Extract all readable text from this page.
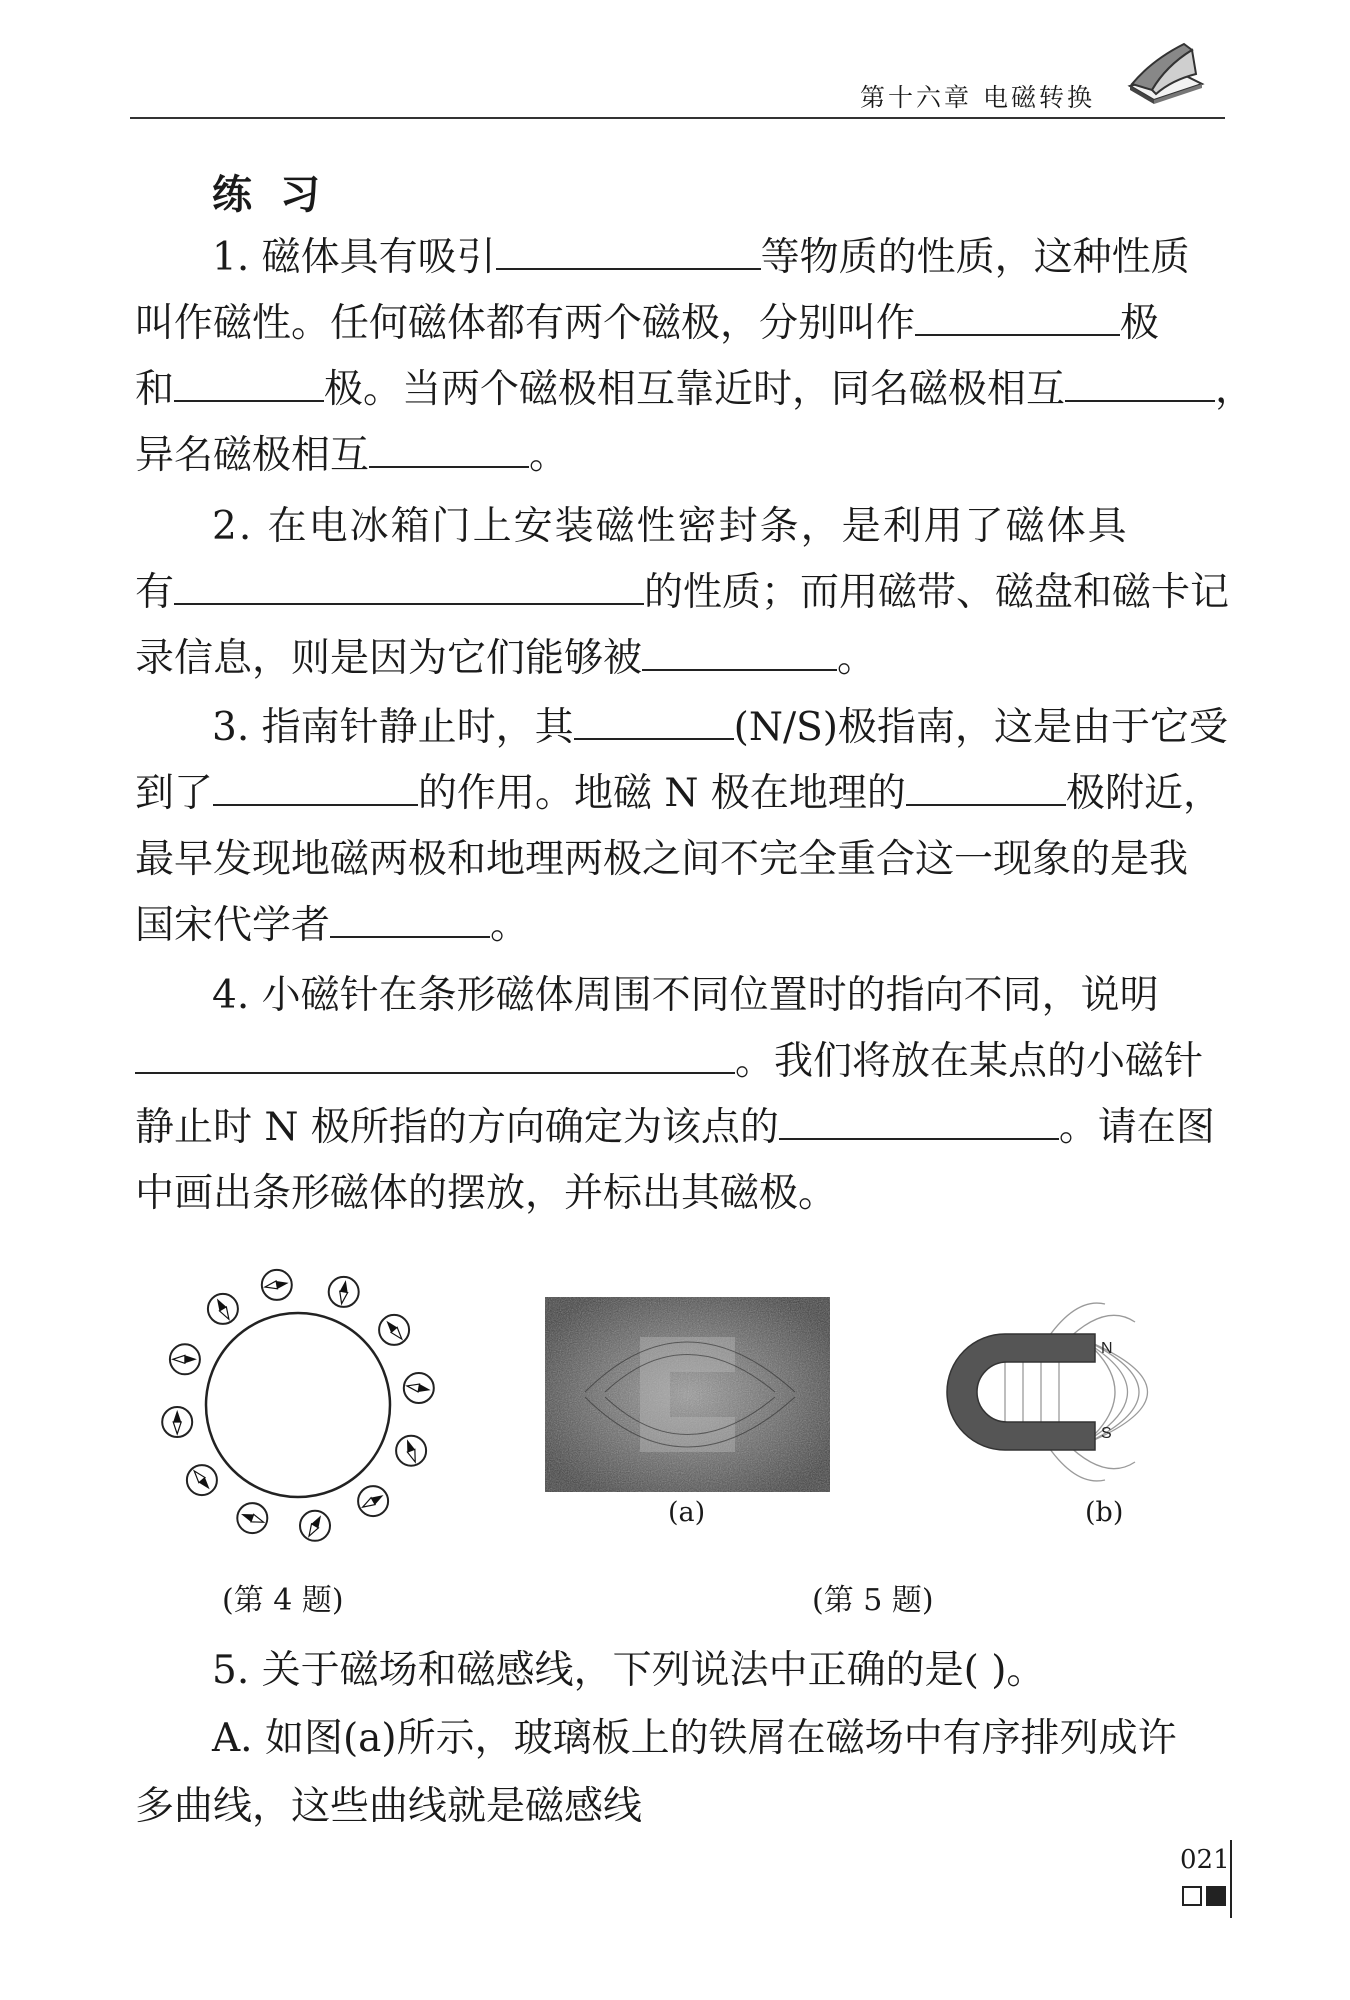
第十六章 电磁转换
练习
1. 磁体具有吸引	等物质的性质，这种性质
叫作磁性。任何磁体都有两个磁极，分别叫作	极
和	极。当两个磁极相互靠近时，同名磁极相互	，
异名磁极相互	。
2. 在电冰箱门上安装磁性密封条，是利用了磁体具
有	的性质；而用磁带、磁盘和磁卡记
录信息，则是因为它们能够被	。
3. 指南针静止时，其	(N/S)极指南，这是由于它受
到了	的作用。地磁 N 极在地理的	极附近，
最早发现地磁两极和地理两极之间不完全重合这一现象的是我
国宋代学者	。
4. 小磁针在条形磁体周围不同位置时的指向不同，说明
。我们将放在某点的小磁针
静止时 N 极所指的方向确定为该点的	。请在图
中画出条形磁体的摆放，并标出其磁极。
(第 4 题)
(a)
N
S
(b)
(第 5 题)
5. 关于磁场和磁感线，下列说法中正确的是( )。
A. 如图(a)所示，玻璃板上的铁屑在磁场中有序排列成许
多曲线，这些曲线就是磁感线
021
